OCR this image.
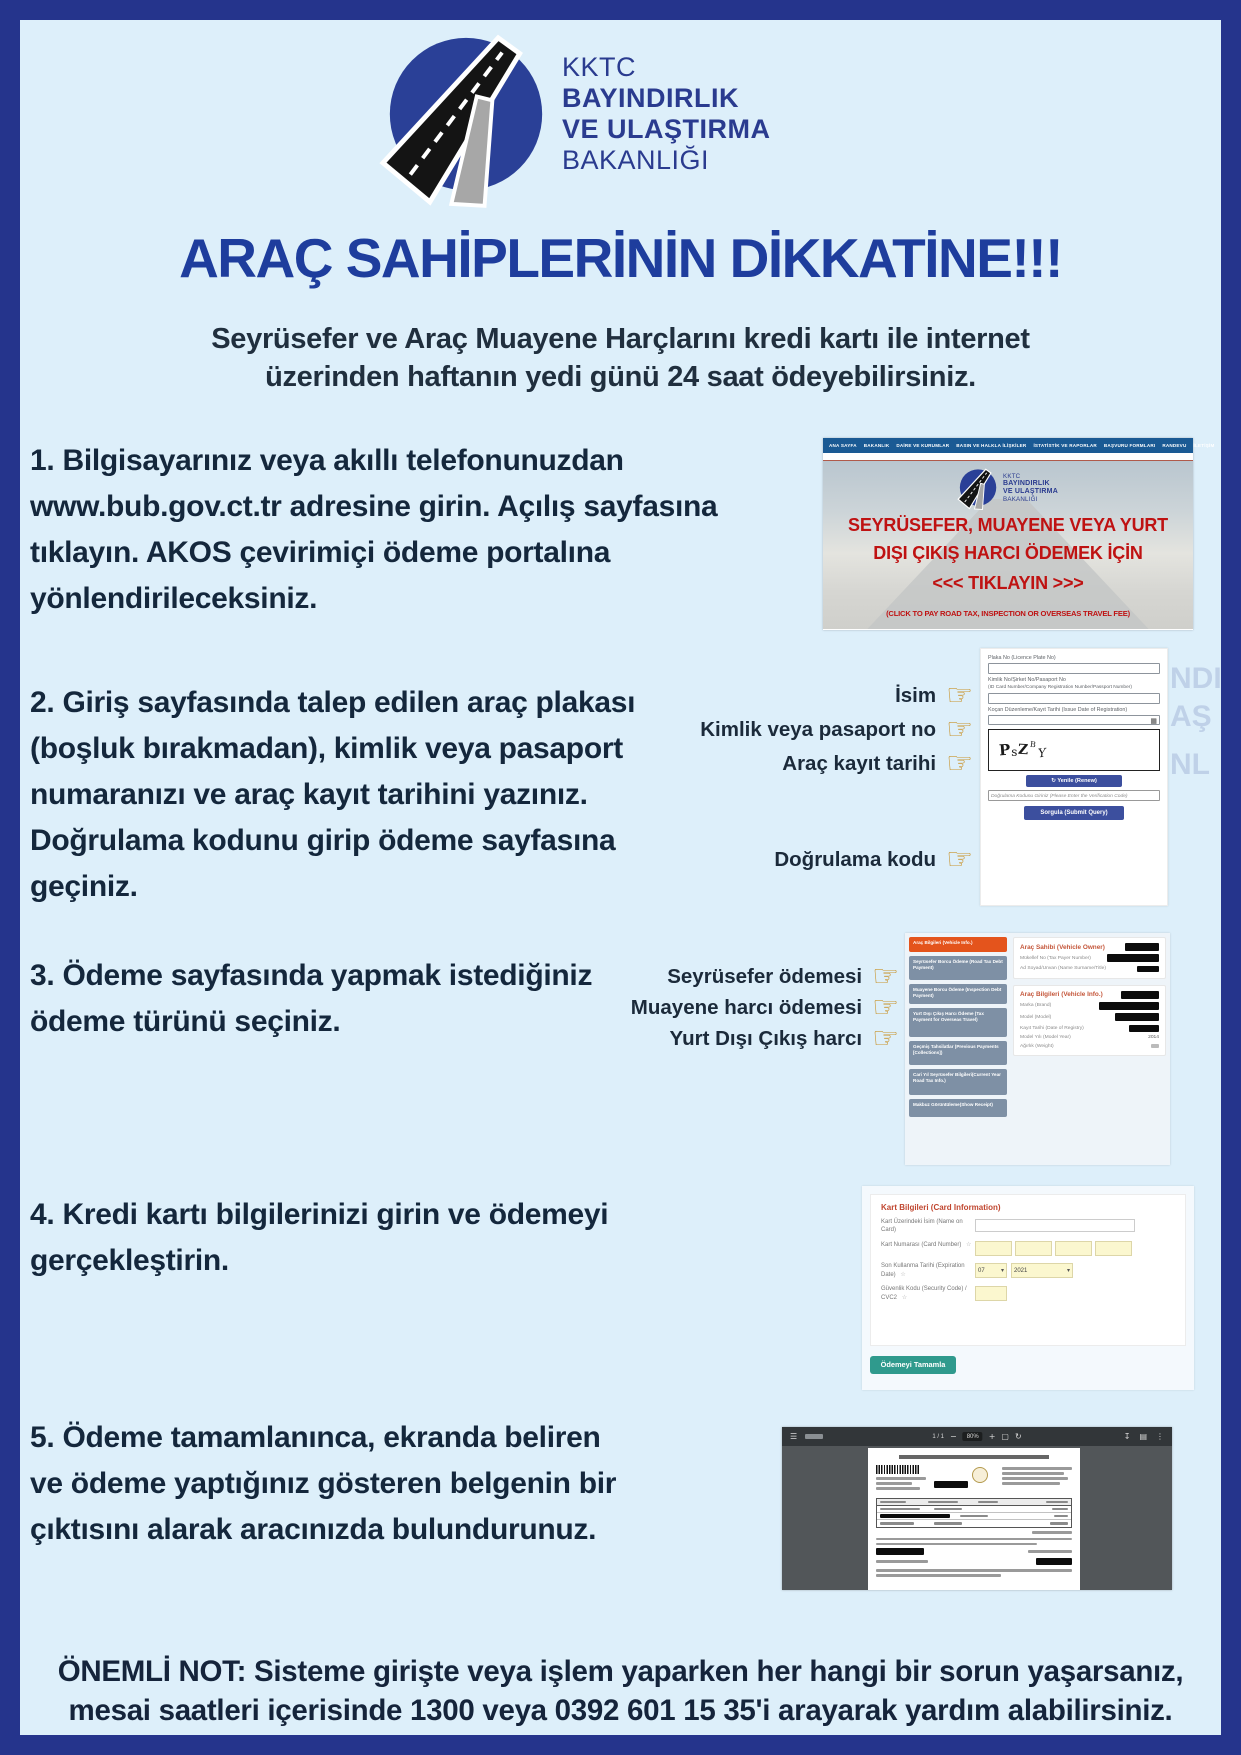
KKTC
BAYINDIRLIK
VE ULAŞTIRMA
BAKANLIĞI
ARAÇ SAHİPLERİNİN DİKKATİNE!!!
Seyrüsefer ve Araç Muayene Harçlarını kredi kartı ile internet
üzerinden haftanın yedi günü 24 saat ödeyebilirsiniz.
1. Bilgisayarınız veya akıllı telefonunuzdan www.bub.gov.ct.tr adresine girin. Açılış sayfasına tıklayın. AKOS çevirimiçi ödeme portalına yönlendirileceksiniz.
2. Giriş sayfasında talep edilen araç plakası (boşluk bırakmadan), kimlik veya pasaport numaranızı ve araç kayıt tarihini yazınız. Doğrulama kodunu girip ödeme sayfasına geçiniz.
3. Ödeme sayfasında yapmak istediğiniz ödeme türünü seçiniz.
4. Kredi kartı bilgilerinizi girin ve ödemeyi gerçekleştirin.
5. Ödeme tamamlanınca, ekranda beliren ve ödeme yaptığınız gösteren belgenin bir çıktısını alarak aracınızda bulundurunuz.
ANA SAYFA BAKANLIK DAİRE VE KURUMLAR BASIN VE HALKLA İLİŞKİLER İSTATİSTİK VE RAPORLAR BAŞVURU FORMLARI RANDEVU İLETİŞİM
KKTC
BAYINDIRLIK
VE ULAŞTIRMA
BAKANLIĞI
SEYRÜSEFER, MUAYENE VEYA YURT
DIŞI ÇIKIŞ HARCI ÖDEMEK İÇİN
<<< TIKLAYIN >>>
(CLICK TO PAY ROAD TAX, INSPECTION OR OVERSEAS TRAVEL FEE)
İsim ☞
Kimlik veya pasaport no ☞
Araç kayıt tarihi ☞
Doğrulama kodu ☞
NDI
AŞ
NL
Plaka No (Licence Plate No)
Kimlik No/Şirket No/Pasaport No
(ID Card Number/Company Registration Number/Passport Number)
Koçan Düzenleme/Kayıt Tarihi (Issue Date of Registration)
▦
P s Z B
Y
↻ Yenile (Renew)
Doğrulama Kodunu Giriniz (Please Enter the Verification Code)
Sorgula (Submit Query)
Seyrüsefer ödemesi ☞
Muayene harcı ödemesi ☞
Yurt Dışı Çıkış harcı ☞
Araç Bilgileri (Vehicle Info.)
Seyrüsefer Borcu Ödeme (Road Tax Debt Payment)
Muayene Borcu Ödeme (Inspection Debt Payment)
Yurt Dışı Çıkış Harcı Ödeme (Tax Payment for Overseas Travel)
Geçmiş Tahsilatlar (Previous Payments [Collections])
Cari Yıl Seyrüsefer Bilgileri(Current Year Road Tax Info.)
Makbuz Görüntüleme(Show Receipt)
Araç Sahibi (Vehicle Owner)
Mükellef No (Tax Payer Number)
Ad Soyad/Unvan (Name Surname/Title)
Araç Bilgileri (Vehicle Info.)
Marka (Brand)
Model (Model)
Kayıt Tarihi (Date of Registry)
Model Yılı (Model Year)	2014
Ağırlık (Weight)
Kart Bilgileri (Card Information)
Kart Üzerindeki İsim (Name on Card)
Kart Numarası (Card Number) ☆
Son Kullanma Tarihi (Expiration Date) ☆	07	▾ 2021	▾
Güvenlik Kodu (Security Code) / CVC2 ☆
Ödemeyi Tamamla
☰	1 / 1 −	80%	+ ▢ ↻	↧ ▤ ⋮
ÖNEMLİ NOT: Sisteme girişte veya işlem yaparken her hangi bir sorun yaşarsanız,
mesai saatleri içerisinde 1300 veya 0392 601 15 35'i arayarak yardım alabilirsiniz.
